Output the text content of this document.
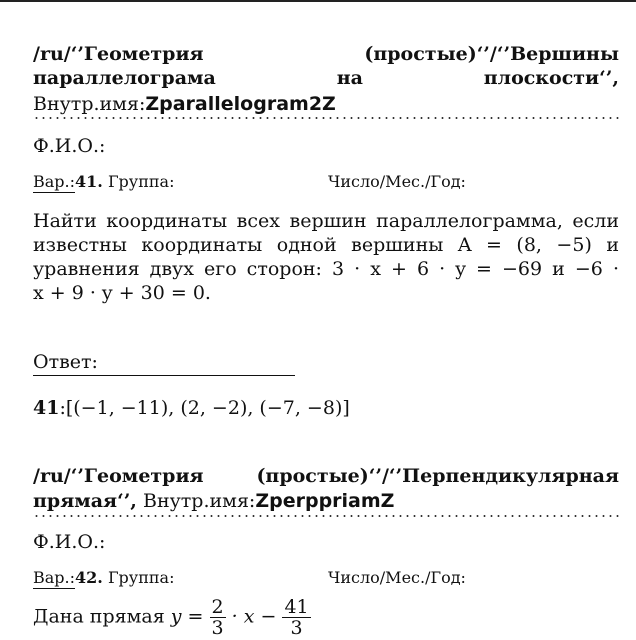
/ru/‘’Геометрия	(простые)‘’/‘’Вершины
параллелограма	на	плоскости‘’,
Внутр.имя:Zparallelogram2Z
Ф.И.О.:
Вар.:41. Группа:	Число/Мес./Год:
Найти координаты всех вершин параллелограмма, если
известны координаты одной вершины A = (8, −5) и
уравнения двух его сторон: 3 · x + 6 · y = −69 и −6 ·
x + 9 · y + 30 = 0.
Ответ:
41:[(−1, −11), (2, −2), (−7, −8)]
/ru/‘’Геометрия (простые)‘’/‘’Перпендикулярная
прямая‘’, Внутр.имя:ZperppriamZ
Ф.И.О.:
Вар.:42. Группа:	Число/Мес./Год:
Дана прямая $y = \frac{2}{3} \cdot x - \frac{41}{3}$
